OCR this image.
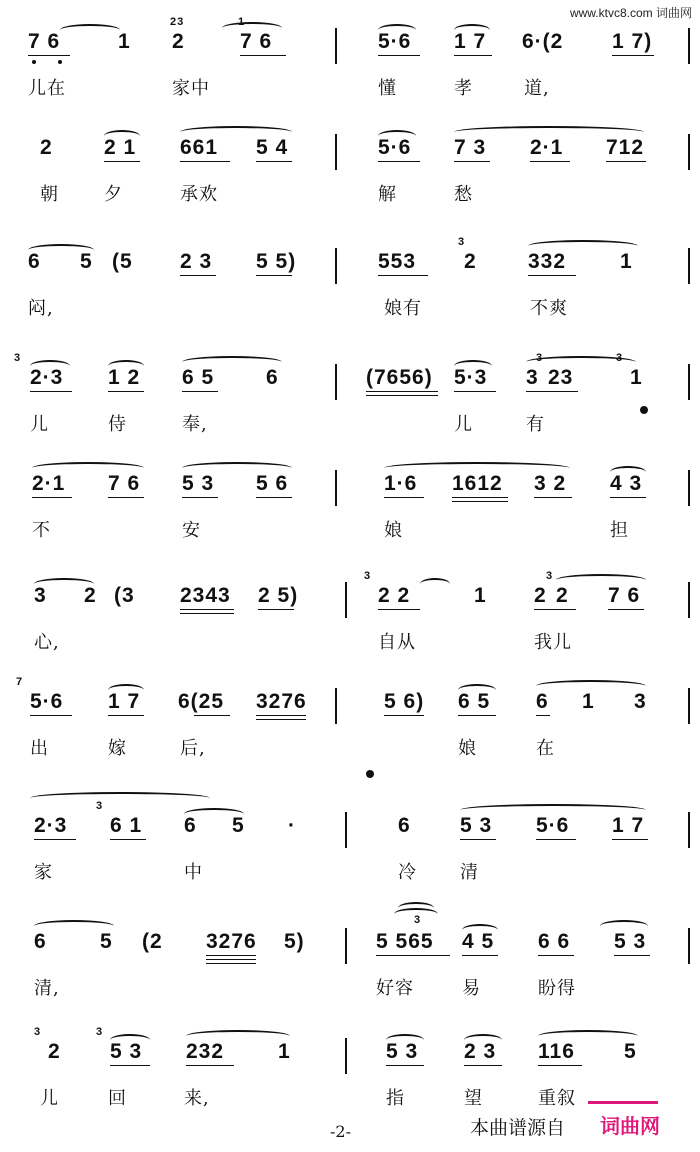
www.ktvc8.com 词曲网
7 6	1
23
2
1
7 6	5·6 1 7 6·(2 1 7)
儿在	家中	懂	孝	道,
2 2 1 661 5 4	5·6 7 3 2·1 712
朝	夕	承欢	解	愁
6 5 (5 2 3 5 5)	553
3
2 332	1
闷,	娘有	不爽
3
2·3 1 2 6 5 6	(7656) 5·3
3
3 23
3
1
儿	侍	奉,	儿	有
2·1 7 6 5 3 5 6	1·6 1612 3 2 4 3
不	安	娘	担
3 2 (3 2343 2 5)
3
2 2	1 2
3
2 7 6
心,	自从	我儿
7
5·6 1 7 6(25 3276	5 6) 6 5 6 1 3
出	嫁	后,	娘	在
2·3
3
6 1 6 5 ·	6 5 3 5·6 1 7
家	中	冷 清
6	5 (2 3276 5)
3
5 565 4 5 6 6 5 3
清,	好容	易	盼得
3
2
3
5 3 232	1	5 3 2 3 116 5
儿	回	来,	指	望	重叙
-2-	本曲谱源自 词曲网
